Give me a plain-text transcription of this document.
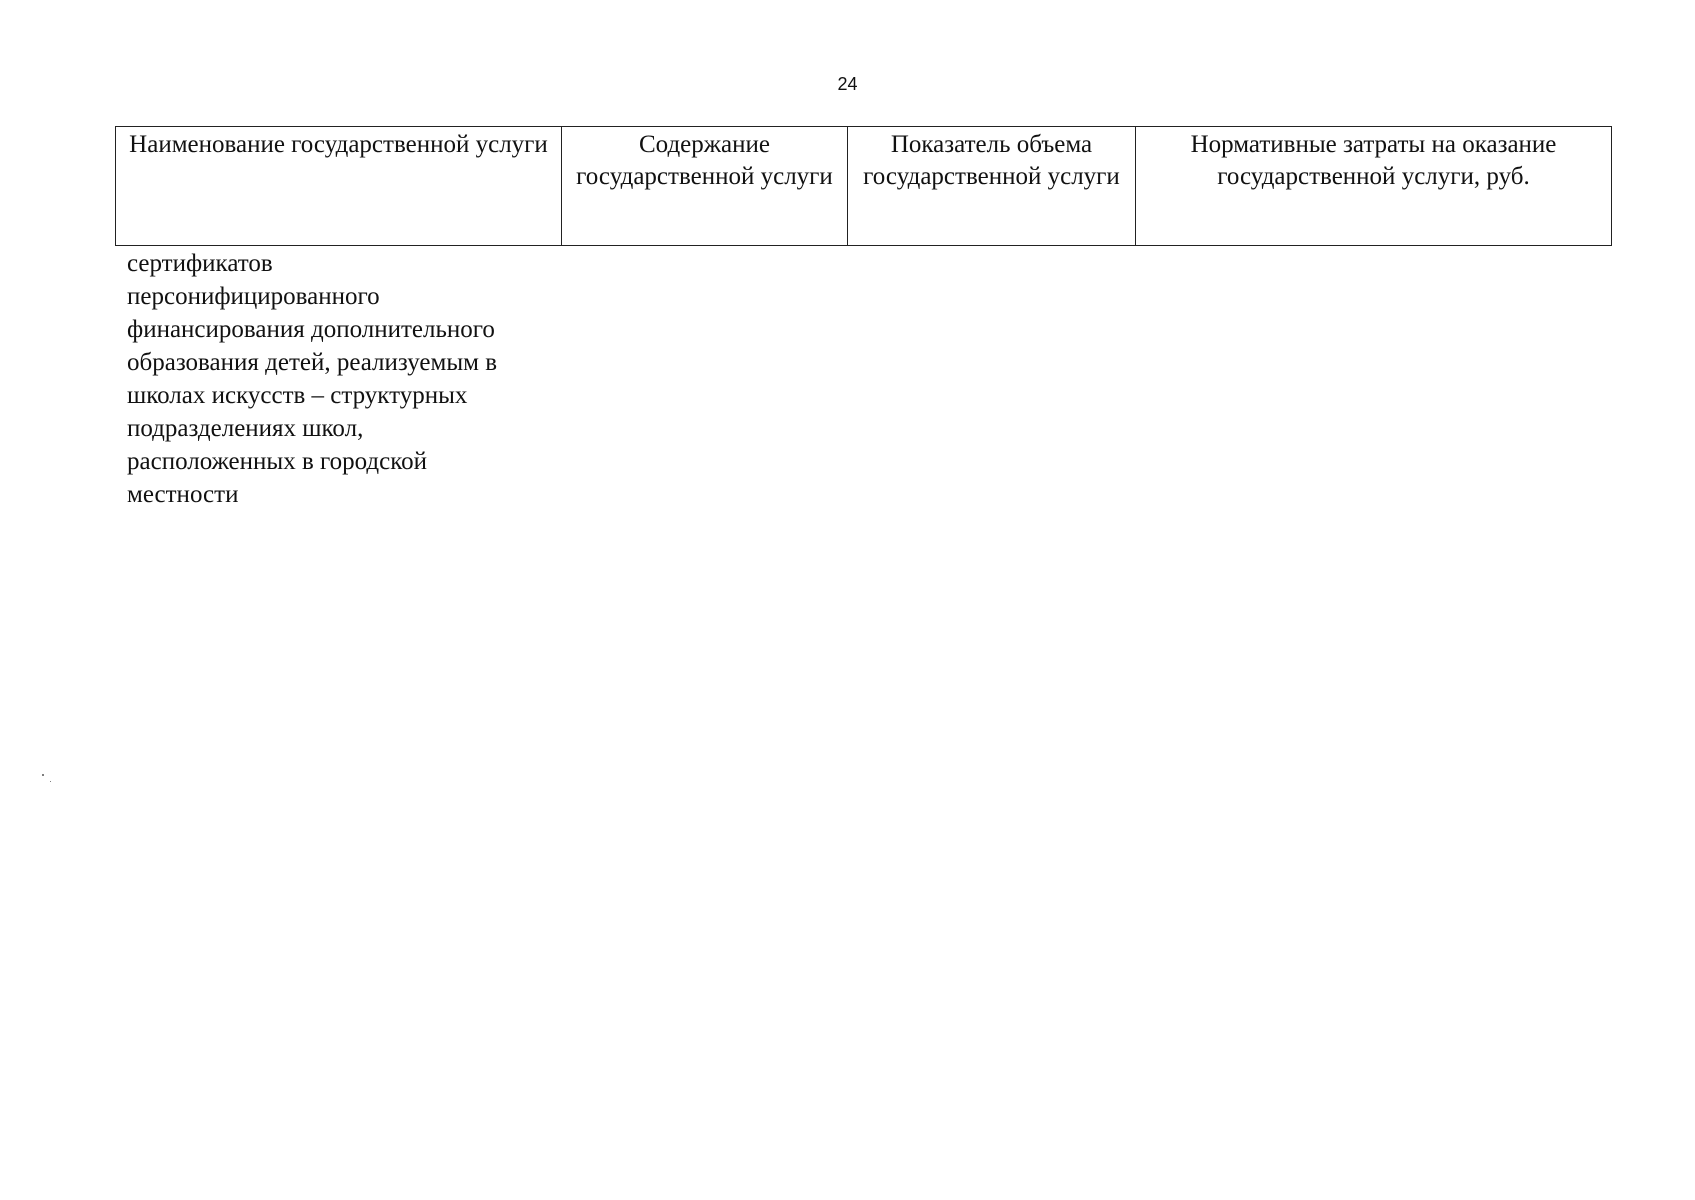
24
Наименование государственной услуги	Содержание государственной услуги	Показатель объема государственной услуги	Нормативные затраты на оказание государственной услуги, руб.
сертификатов
персонифицированного
финансирования дополнительного
образования детей, реализуемым в
школах искусств – структурных
подразделениях школ,
расположенных в городской
местности
